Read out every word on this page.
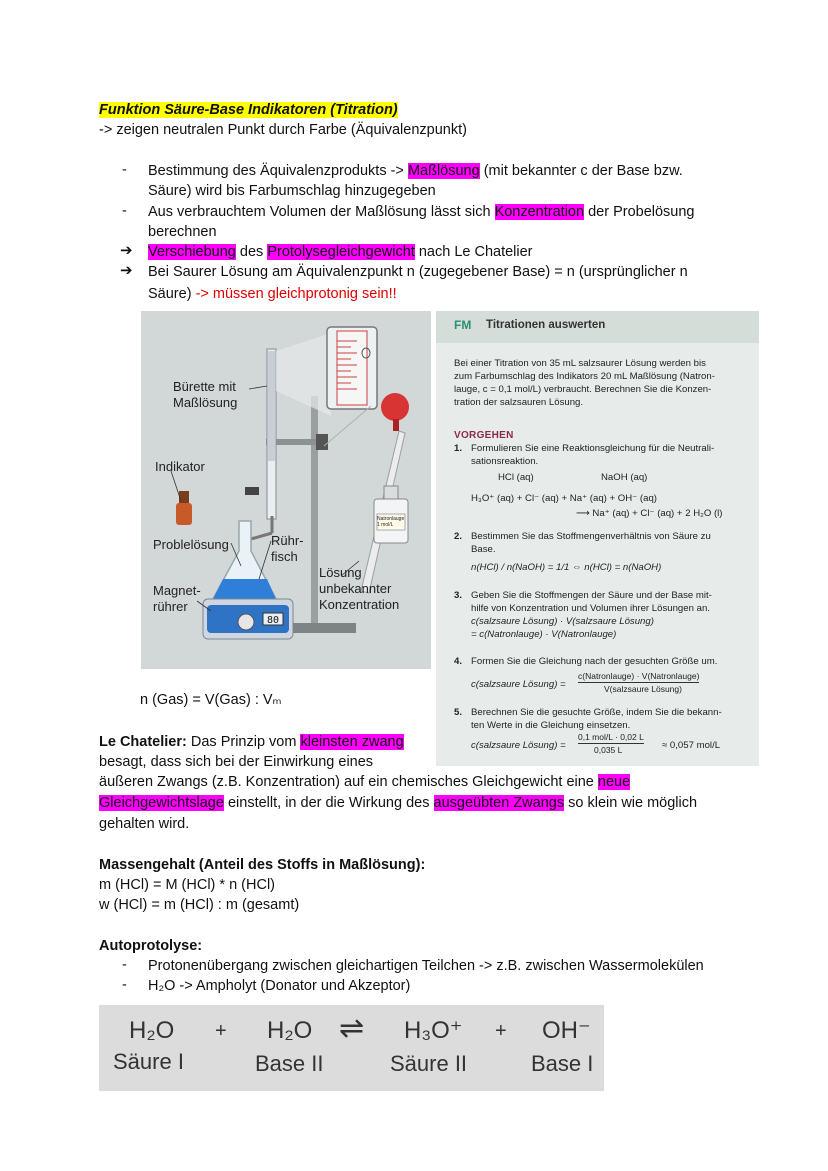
Funktion Säure-Base Indikatoren (Titration)
-> zeigen neutralen Punkt durch Farbe (Äquivalenzpunkt)
- Bestimmung des Äquivalenzprodukts -> Maßlösung (mit bekannter c der Base bzw.
Säure) wird bis Farbumschlag hinzugegeben
- Aus verbrauchtem Volumen der Maßlösung lässt sich Konzentration der Probelösung
berechnen
➔ Verschiebung des Protolysegleichgewicht nach Le Chatelier
➔ Bei Saurer Lösung am Äquivalenzpunkt n (zugegebener Base) = n (ursprünglicher n
Säure) -> müssen gleichprotonig sein!!
80
Bürette mit
Maßlösung
Indikator
Problelösung	Rühr-
fisch
Magnet-
rührer
Lösung
unbekannter
Konzentration
Natronlauge
1 mol/L
FM Titrationen auswerten
Bei einer Titration von 35 mL salzsaurer Lösung werden bis
zum Farbumschlag des Indikators 20 mL Maßlösung (Natron-
lauge, c = 0,1 mol/L) verbraucht. Berechnen Sie die Konzen-
tration der salzsauren Lösung.
VORGEHEN
1. Formulieren Sie eine Reaktionsgleichung für die Neutrali-
sationsreaktion.
HCl (aq)	NaOH (aq)
H₃O⁺ (aq) + Cl⁻ (aq) + Na⁺ (aq) + OH⁻ (aq)
⟶ Na⁺ (aq) + Cl⁻ (aq) + 2 H₂O (l)
2. Bestimmen Sie das Stoffmengenverhältnis von Säure zu
Base.
n(HCl) / n(NaOH) = 1/1 ⇔ n(HCl) = n(NaOH)
3. Geben Sie die Stoffmengen der Säure und der Base mit-
hilfe von Konzentration und Volumen ihrer Lösungen an.
c(salzsaure Lösung) · V(salzsaure Lösung)
= c(Natronlauge) · V(Natronlauge)
4. Formen Sie die Gleichung nach der gesuchten Größe um.
c(salzsaure Lösung) =
c(Natronlauge) · V(Natronlauge)
V(salzsaure Lösung)
5. Berechnen Sie die gesuchte Größe, indem Sie die bekann-
ten Werte in die Gleichung einsetzen.
c(salzsaure Lösung) =
0,1 mol/L · 0,02 L
0,035 L	≈ 0,057 mol/L
n (Gas) = V(Gas) : Vₘ
Le Chatelier: Das Prinzip vom kleinsten zwang
besagt, dass sich bei der Einwirkung eines
äußeren Zwangs (z.B. Konzentration) auf ein chemisches Gleichgewicht eine neue
Gleichgewichtslage einstellt, in der die Wirkung des ausgeübten Zwangs so klein wie möglich
gehalten wird.
Massengehalt (Anteil des Stoffs in Maßlösung):
m (HCl) = M (HCl) * n (HCl)
w (HCl) = m (HCl) : m (gesamt)
Autoprotolyse:
- Protonenübergang zwischen gleichartigen Teilchen -> z.B. zwischen Wassermolekülen
- H₂O -> Ampholyt (Donator und Akzeptor)
H₂O + H₂O ⇌ H₃O⁺ + OH⁻
Säure I	Base II	Säure II	Base I
